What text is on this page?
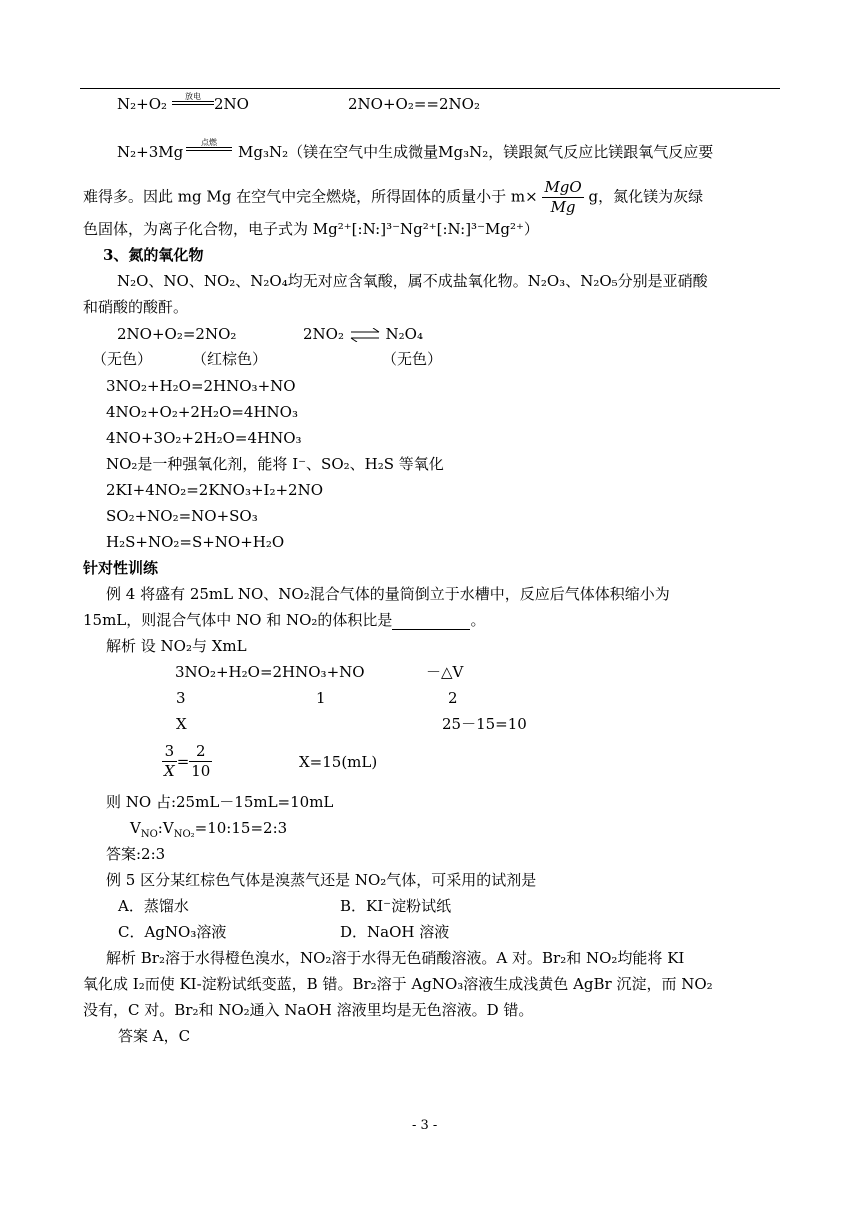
N₂+O₂	放电 2NO	2NO+O₂==2NO₂
N₂+3Mg
点燃
Mg₃N₂（镁在空气中生成微量Mg₃N₂，镁跟氮气反应比镁跟氧气反应要
难得多。因此 mg Mg 在空气中完全燃烧，所得固体的质量小于 $m\times \frac{\text{MgO}}{Mg}$ g，氮化镁为灰绿
色固体，为离子化合物，电子式为 Mg²⁺[:N:]³⁻Ng²⁺[:N:]³⁻Mg²⁺）
3、氮的氧化物
N₂O、NO、NO₂、N₂O₄均无对应含氧酸，属不成盐氧化物。N₂O₃、N₂O₅分别是亚硝酸
和硝酸的酸酐。
2NO+O₂=2NO₂	2NO₂ ⇌ N₂O₄
（无色）	（红棕色）	（无色）
3NO₂+H₂O=2HNO₃+NO
4NO₂+O₂+2H₂O=4HNO₃
4NO+3O₂+2H₂O=4HNO₃
NO₂是一种强氧化剂，能将 I⁻、SO₂、H₂S 等氧化
2KI+4NO₂=2KNO₃+I₂+2NO
SO₂+NO₂=NO+SO₃
H₂S+NO₂=S+NO+H₂O
针对性训练
例 4 将盛有 25mL NO、NO₂混合气体的量筒倒立于水槽中，反应后气体体积缩小为
15mL，则混合气体中 NO 和 NO₂的体积比是	。
解析 设 NO₂与 XmL
3NO₂+H₂O=2HNO₃+NO	－△V
3	1	2
X	25－15=10
$\frac{3}{X} = \frac{2}{10}$	X=15(mL)
则 NO 占:25mL－15mL=10mL
$V_{NO}:V_{NO_2}=10:15=2:3$
答案:2:3
例 5 区分某红棕色气体是溴蒸气还是 NO₂气体，可采用的试剂是
A．蒸馏水	B．KI⁻淀粉试纸
C．AgNO₃溶液	D．NaOH 溶液
解析 Br₂溶于水得橙色溴水，NO₂溶于水得无色硝酸溶液。A 对。Br₂和 NO₂均能将 KI
氧化成 I₂而使 KI-淀粉试纸变蓝，B 错。Br₂溶于 AgNO₃溶液生成浅黄色 AgBr 沉淀，而 NO₂
没有，C 对。Br₂和 NO₂通入 NaOH 溶液里均是无色溶液。D 错。
答案 A，C
- 3 -
